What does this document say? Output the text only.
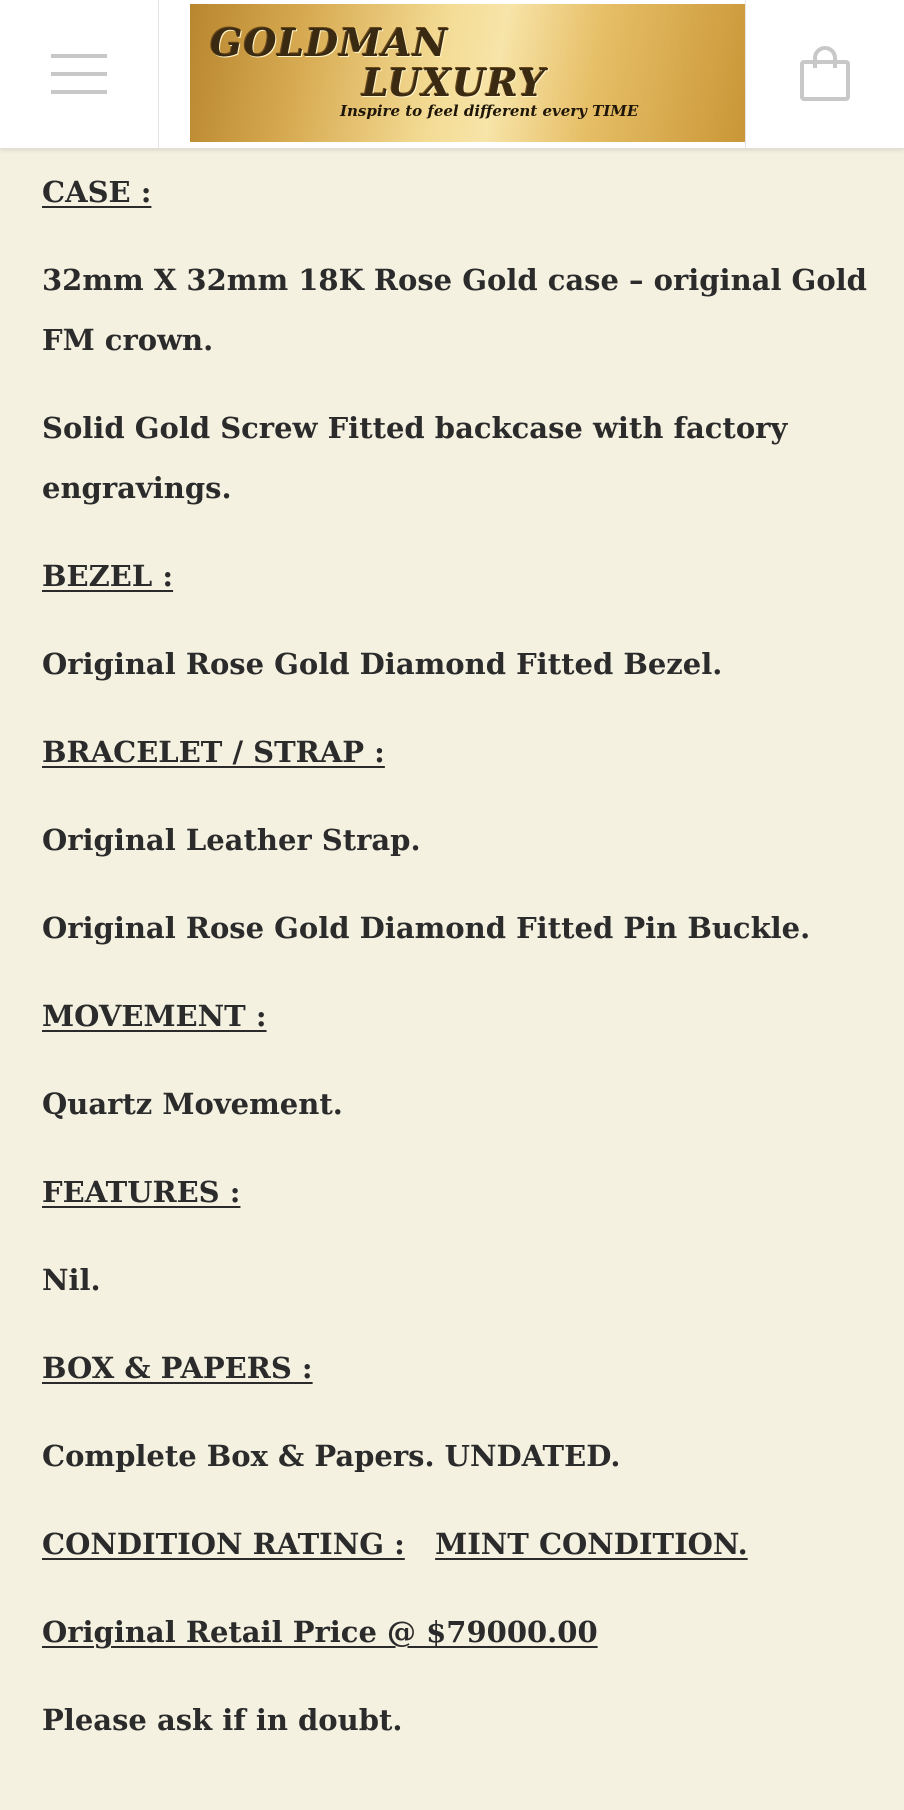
GOLDMAN
LUXURY
Inspire to feel different every TIME

CASE :

32mm X 32mm 18K Rose Gold case – original Gold FM crown.

Solid Gold Screw Fitted backcase with factory engravings.

BEZEL :

Original Rose Gold Diamond Fitted Bezel.

BRACELET / STRAP :

Original Leather Strap.

Original Rose Gold Diamond Fitted Pin Buckle.

MOVEMENT :

Quartz Movement.

FEATURES :

Nil.

BOX & PAPERS :

Complete Box & Papers. UNDATED.

CONDITION RATING : MINT CONDITION.

Original Retail Price @ $79000.00

Please ask if in doubt.
